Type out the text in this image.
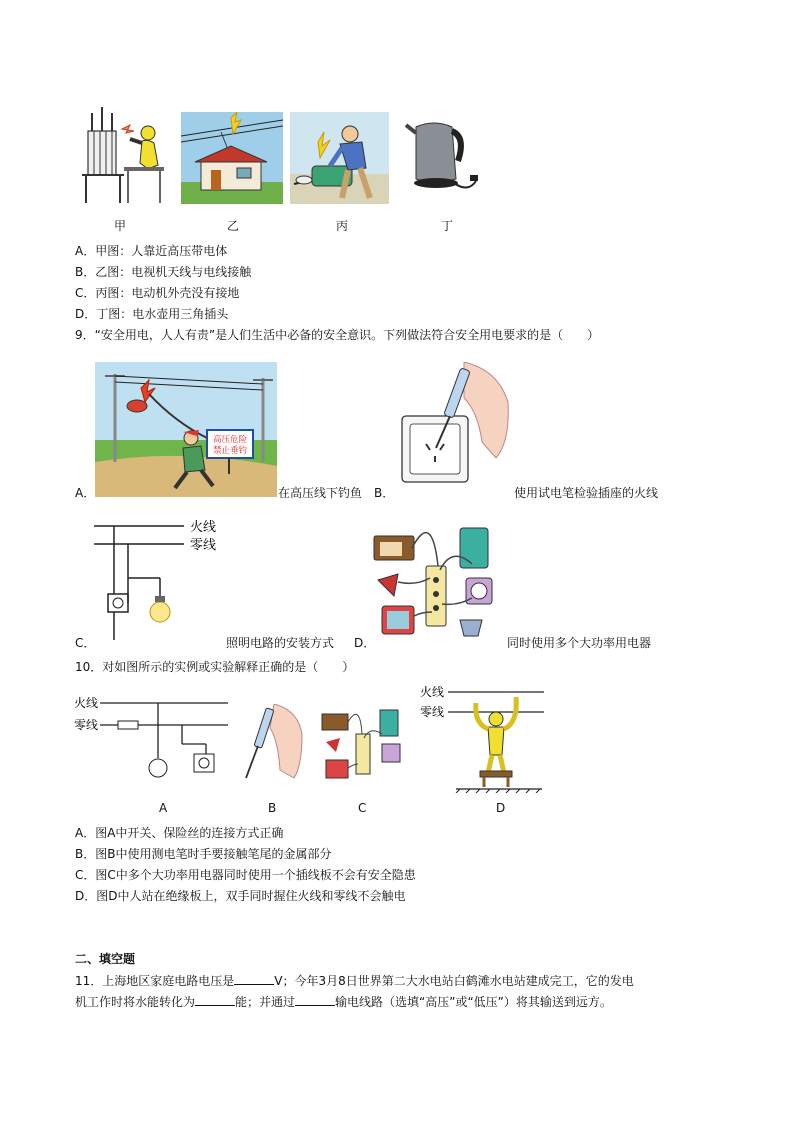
甲	乙	丙	丁
A．甲图：人靠近高压带电体
B．乙图：电视机天线与电线接触
C．丙图：电动机外壳没有接地
D．丁图：电水壶用三角插头
9．“安全用电，人人有责”是人们生活中必备的安全意识。下列做法符合安全用电要求的是（　　）
高压危险
禁止垂钓
A．	在高压线下钓鱼 B．	使用试电笔检验插座的火线
火线
零线
C．	照明电路的安装方式 D．	同时使用多个大功率用电器
10．对如图所示的实例或实验解释正确的是（　　）
火线
零线
火线
零线
A	B	C	D
A．图A中开关、保险丝的连接方式正确
B．图B中使用测电笔时手要接触笔尾的金属部分
C．图C中多个大功率用电器同时使用一个插线板不会有安全隐患
D．图D中人站在绝缘板上，双手同时握住火线和零线不会触电
二、填空题
11．上海地区家庭电路电压是	V；今年3月8日世界第二大水电站白鹤滩水电站建成完工，它的发电
机工作时将水能转化为	能；并通过	输电线路（选填“高压”或“低压”）将其输送到远方。
